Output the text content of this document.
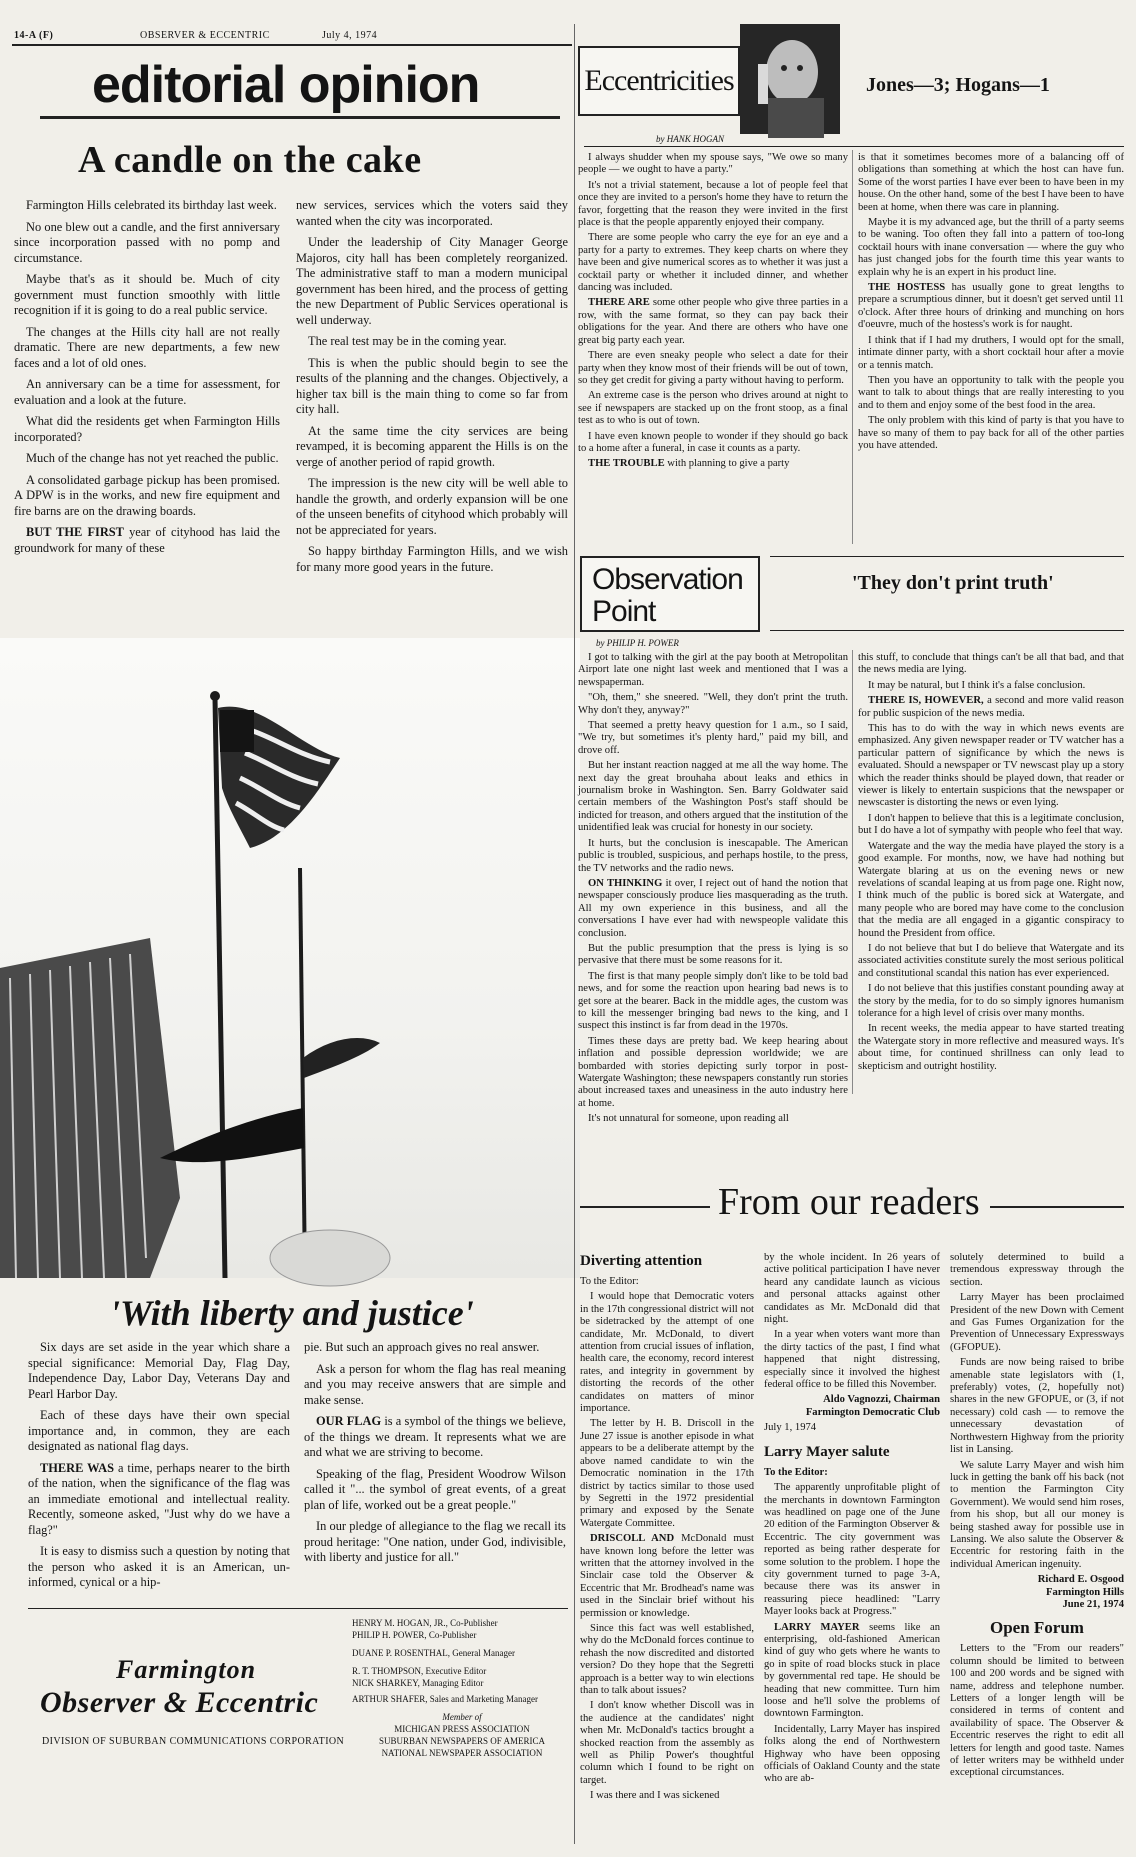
14-A (F)	OBSERVER & ECCENTRIC	July 4, 1974
editorial opinion
A candle on the cake

Farmington Hills celebrated its birthday last week.

No one blew out a candle, and the first anniversary since incorporation passed with no pomp and circumstance.

Maybe that's as it should be. Much of city government must function smoothly with little recognition if it is going to do a real public service.

The changes at the Hills city hall are not really dramatic. There are new departments, a few new faces and a lot of old ones.

An anniversary can be a time for assessment, for evaluation and a look at the future.

What did the residents get when Farmington Hills incorporated?

Much of the change has not yet reached the public.

A consolidated garbage pickup has been promised. A DPW is in the works, and new fire equipment and fire barns are on the drawing boards.

BUT THE FIRST year of cityhood has laid the groundwork for many of these

new services, services which the voters said they wanted when the city was incorporated.

Under the leadership of City Manager George Majoros, city hall has been completely reorganized. The administrative staff to man a modern municipal government has been hired, and the process of getting the new Department of Public Services operational is well underway.

The real test may be in the coming year.

This is when the public should begin to see the results of the planning and the changes. Objectively, a higher tax bill is the main thing to come so far from city hall.

At the same time the city services are being revamped, it is becoming apparent the Hills is on the verge of another period of rapid growth.

The impression is the new city will be well able to handle the growth, and orderly expansion will be one of the unseen benefits of cityhood which probably will not be appreciated for years.

So happy birthday Farmington Hills, and we wish for many more good years in the future.

'With liberty and justice'

Six days are set aside in the year which share a special significance: Memorial Day, Flag Day, Independence Day, Labor Day, Veterans Day and Pearl Harbor Day.

Each of these days have their own special importance and, in common, they are each designated as national flag days.

THERE WAS a time, perhaps nearer to the birth of the nation, when the significance of the flag was an immediate emotional and intellectual reality. Recently, someone asked, "Just why do we have a flag?"

It is easy to dismiss such a question by noting that the person who asked it is an American, un-informed, cynical or a hip-

pie. But such an approach gives no real answer.

Ask a person for whom the flag has real meaning and you may receive answers that are simple and make sense.

OUR FLAG is a symbol of the things we believe, of the things we dream. It represents what we are and what we are striving to become.

Speaking of the flag, President Woodrow Wilson called it "... the symbol of great events, of a great plan of life, worked out be a great people."

In our pledge of allegiance to the flag we recall its proud heritage: "One nation, under God, indivisible, with liberty and justice for all."

Farmington
Observer & Eccentric
DIVISION OF SUBURBAN COMMUNICATIONS CORPORATION
HENRY M. HOGAN, JR., Co-Publisher
PHILIP H. POWER, Co-Publisher
DUANE P. ROSENTHAL, General Manager
R. T. THOMPSON, Executive Editor
NICK SHARKEY, Managing Editor
ARTHUR SHAFER, Sales and Marketing Manager
Member of
MICHIGAN PRESS ASSOCIATION
SUBURBAN NEWSPAPERS OF AMERICA
NATIONAL NEWSPAPER ASSOCIATION
Eccentricities	Jones—3; Hogans—1
by HANK HOGAN

I always shudder when my spouse says, "We owe so many people — we ought to have a party."

It's not a trivial statement, because a lot of people feel that once they are invited to a person's home they have to return the favor, forgetting that the reason they were invited in the first place is that the people apparently enjoyed their company.

There are some people who carry the eye for an eye and a party for a party to extremes. They keep charts on where they have been and give numerical scores as to whether it was just a cocktail party or whether it included dinner, and whether dancing was included.

THERE ARE some other people who give three parties in a row, with the same format, so they can pay back their obligations for the year. And there are others who have one great big party each year.

There are even sneaky people who select a date for their party when they know most of their friends will be out of town, so they get credit for giving a party without having to perform.

An extreme case is the person who drives around at night to see if newspapers are stacked up on the front stoop, as a final test as to who is out of town.

I have even known people to wonder if they should go back to a home after a funeral, in case it counts as a party.

THE TROUBLE with planning to give a party

is that it sometimes becomes more of a balancing off of obligations than something at which the host can have fun. Some of the worst parties I have ever been to have been in my house. On the other hand, some of the best I have been to have been at home, when there was care in planning.

Maybe it is my advanced age, but the thrill of a party seems to be waning. Too often they fall into a pattern of too-long cocktail hours with inane conversation — where the guy who has just changed jobs for the fourth time this year wants to explain why he is an expert in his product line.

THE HOSTESS has usually gone to great lengths to prepare a scrumptious dinner, but it doesn't get served until 11 o'clock. After three hours of drinking and munching on hors d'oeuvre, much of the hostess's work is for naught.

I think that if I had my druthers, I would opt for the small, intimate dinner party, with a short cocktail hour after a movie or a tennis match.

Then you have an opportunity to talk with the people you want to talk to about things that are really interesting to you and to them and enjoy some of the best food in the area.

The only problem with this kind of party is that you have to have so many of them to pay back for all of the other parties you have attended.

Observation
Point
'They don't print truth'
by PHILIP H. POWER

I got to talking with the girl at the pay booth at Metropolitan Airport late one night last week and mentioned that I was a newspaperman.

"Oh, them," she sneered. "Well, they don't print the truth. Why don't they, anyway?"

That seemed a pretty heavy question for 1 a.m., so I said, "We try, but sometimes it's plenty hard," paid my bill, and drove off.

But her instant reaction nagged at me all the way home. The next day the great brouhaha about leaks and ethics in journalism broke in Washington. Sen. Barry Goldwater said certain members of the Washington Post's staff should be indicted for treason, and others argued that the institution of the unidentified leak was crucial for honesty in our society.

It hurts, but the conclusion is inescapable. The American public is troubled, suspicious, and perhaps hostile, to the press, the TV networks and the radio news.

ON THINKING it over, I reject out of hand the notion that newspaper consciously produce lies masquerading as the truth. All my own experience in this business, and all the conversations I have ever had with newspeople validate this conclusion.

But the public presumption that the press is lying is so pervasive that there must be some reasons for it.

The first is that many people simply don't like to be told bad news, and for some the reaction upon hearing bad news is to get sore at the bearer. Back in the middle ages, the custom was to kill the messenger bringing bad news to the king, and I suspect this instinct is far from dead in the 1970s.

Times these days are pretty bad. We keep hearing about inflation and possible depression worldwide; we are bombarded with stories depicting surly torpor in post-Watergate Washington; these newspapers constantly run stories about increased taxes and uneasiness in the auto industry here at home.

It's not unnatural for someone, upon reading all

this stuff, to conclude that things can't be all that bad, and that the news media are lying.

It may be natural, but I think it's a false conclusion.

THERE IS, HOWEVER, a second and more valid reason for public suspicion of the news media.

This has to do with the way in which news events are emphasized. Any given newspaper reader or TV watcher has a particular pattern of significance by which the news is evaluated. Should a newspaper or TV newscast play up a story which the reader thinks should be played down, that reader or viewer is likely to entertain suspicions that the newspaper or newscaster is distorting the news or even lying.

I don't happen to believe that this is a legitimate conclusion, but I do have a lot of sympathy with people who feel that way.

Watergate and the way the media have played the story is a good example. For months, now, we have had nothing but Watergate blaring at us on the evening news or new revelations of scandal leaping at us from page one. Right now, I think much of the public is bored sick at Watergate, and many people who are bored may have come to the conclusion that the media are all engaged in a gigantic conspiracy to hound the President from office.

I do not believe that but I do believe that Watergate and its associated activities constitute surely the most serious political and constitutional scandal this nation has ever experienced.

I do not believe that this justifies constant pounding away at the story by the media, for to do so simply ignores humanism tolerance for a high level of crisis over many months.

In recent weeks, the media appear to have started treating the Watergate story in more reflective and measured ways. It's about time, for continued shrillness can only lead to skepticism and outright hostility.

From our readers
Diverting attention

To the Editor:

I would hope that Democratic voters in the 17th congressional district will not be sidetracked by the attempt of one candidate, Mr. McDonald, to divert attention from crucial issues of inflation, health care, the economy, record interest rates, and integrity in government by distorting the records of the other candidates on matters of minor importance.

The letter by H. B. Driscoll in the June 27 issue is another episode in what appears to be a deliberate attempt by the above named candidate to win the Democratic nomination in the 17th district by tactics similar to those used by Segretti in the 1972 presidential primary and exposed by the Senate Watergate Committee.

DRISCOLL AND McDonald must have known long before the letter was written that the attorney involved in the Sinclair case told the Observer & Eccentric that Mr. Brodhead's name was used in the Sinclair brief without his permission or knowledge.

Since this fact was well established, why do the McDonald forces continue to rehash the now discredited and distorted version? Do they hope that the Segretti approach is a better way to win elections than to talk about issues?

I don't know whether Discoll was in the audience at the candidates' night when Mr. McDonald's tactics brought a shocked reaction from the assembly as well as Philip Power's thoughtful column which I found to be right on target.

I was there and I was sickened

by the whole incident. In 26 years of active political participation I have never heard any candidate launch as vicious and personal attacks against other candidates as Mr. McDonald did that night.

In a year when voters want more than the dirty tactics of the past, I find what happened that night distressing, especially since it involved the highest federal office to be filled this November.

Aldo Vagnozzi, Chairman
Farmington Democratic Club

July 1, 1974

Larry Mayer salute

To the Editor:

The apparently unprofitable plight of the merchants in downtown Farmington was headlined on page one of the June 20 edition of the Farmington Observer & Eccentric. The city government was reported as being rather desperate for some solution to the problem. I hope the city government turned to page 3-A, because there was its answer in reassuring piece headlined: "Larry Mayer looks back at Progress."

LARRY MAYER seems like an enterprising, old-fashioned American kind of guy who gets where he wants to go in spite of road blocks stuck in place by governmental red tape. He should be heading that new committee. Turn him loose and he'll solve the problems of downtown Farmington.

Incidentally, Larry Mayer has inspired folks along the end of Northwestern Highway who have been opposing officials of Oakland County and the state who are ab-

solutely determined to build a tremendous expressway through the section.

Larry Mayer has been proclaimed President of the new Down with Cement and Gas Fumes Organization for the Prevention of Unnecessary Expressways (GFOPUE).

Funds are now being raised to bribe amenable state legislators with (1, preferably) votes, (2, hopefully not) shares in the new GFOPUE, or (3, if not necessary) cold cash — to remove the unnecessary devastation of Northwestern Highway from the priority list in Lansing.

We salute Larry Mayer and wish him luck in getting the bank off his back (not to mention the Farmington City Government). We would send him roses, from his shop, but all our money is being stashed away for possible use in Lansing. We also salute the Observer & Eccentric for restoring faith in the individual American ingenuity.

Richard E. Osgood
Farmington Hills
June 21, 1974

Open Forum

Letters to the "From our readers" column should be limited to between 100 and 200 words and be signed with name, address and telephone number. Letters of a longer length will be considered in terms of content and availability of space. The Observer & Eccentric reserves the right to edit all letters for length and good taste. Names of letter writers may be withheld under exceptional circumstances.
